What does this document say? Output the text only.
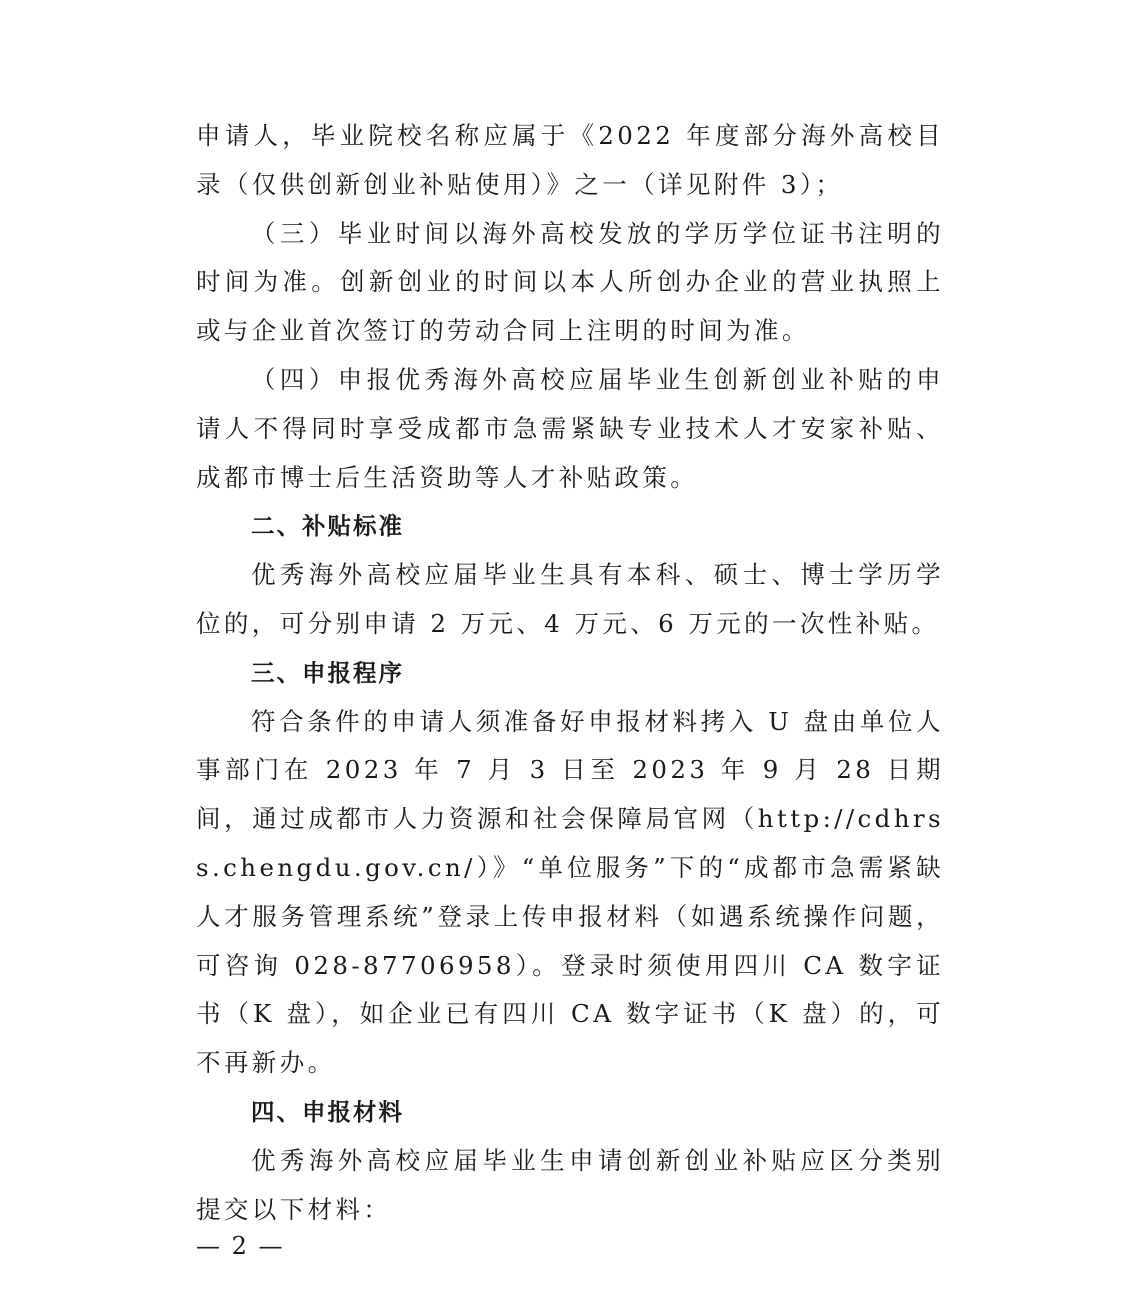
申请人，毕业院校名称应属于《2022 年度部分海外高校目录（仅供创新创业补贴使用）》之一（详见附件 3）；

（三）毕业时间以海外高校发放的学历学位证书注明的时间为准。创新创业的时间以本人所创办企业的营业执照上或与企业首次签订的劳动合同上注明的时间为准。

（四）申报优秀海外高校应届毕业生创新创业补贴的申请人不得同时享受成都市急需紧缺专业技术人才安家补贴、成都市博士后生活资助等人才补贴政策。

二、补贴标准

优秀海外高校应届毕业生具有本科、硕士、博士学历学位的，可分别申请 2 万元、4 万元、6 万元的一次性补贴。

三、申报程序

符合条件的申请人须准备好申报材料拷入 U 盘由单位人事部门在 2023 年 7 月 3 日至 2023 年 9 月 28 日期间，通过成都市人力资源和社会保障局官网（http://cdhrss.chengdu.gov.cn/）》“单位服务”下的“成都市急需紧缺人才服务管理系统”登录上传申报材料（如遇系统操作问题，可咨询 028-87706958）。登录时须使用四川 CA 数字证书（K 盘），如企业已有四川 CA 数字证书（K 盘）的，可不再新办。

四、申报材料

优秀海外高校应届毕业生申请创新创业补贴应区分类别提交以下材料：

— 2 —
